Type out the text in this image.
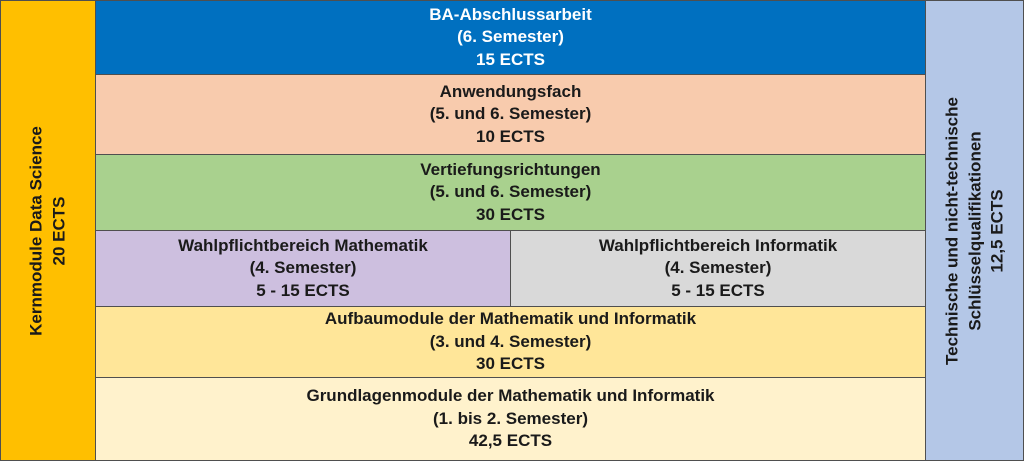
Kernmodule Data Science 20 ECTS	Technische und nicht-technische Schlüsselqualifikationen 12,5 ECTS
BA-Abschlussarbeit
(6. Semester)
15 ECTS
Anwendungsfach
(5. und 6. Semester)
10 ECTS
Vertiefungsrichtungen
(5. und 6. Semester)
30 ECTS
Wahlpflichtbereich Mathematik
(4. Semester)
5 - 15 ECTS
Wahlpflichtbereich Informatik
(4. Semester)
5 - 15 ECTS
Aufbaumodule der Mathematik und Informatik
(3. und 4. Semester)
30 ECTS
Grundlagenmodule der Mathematik und Informatik
(1. bis 2. Semester)
42,5 ECTS
